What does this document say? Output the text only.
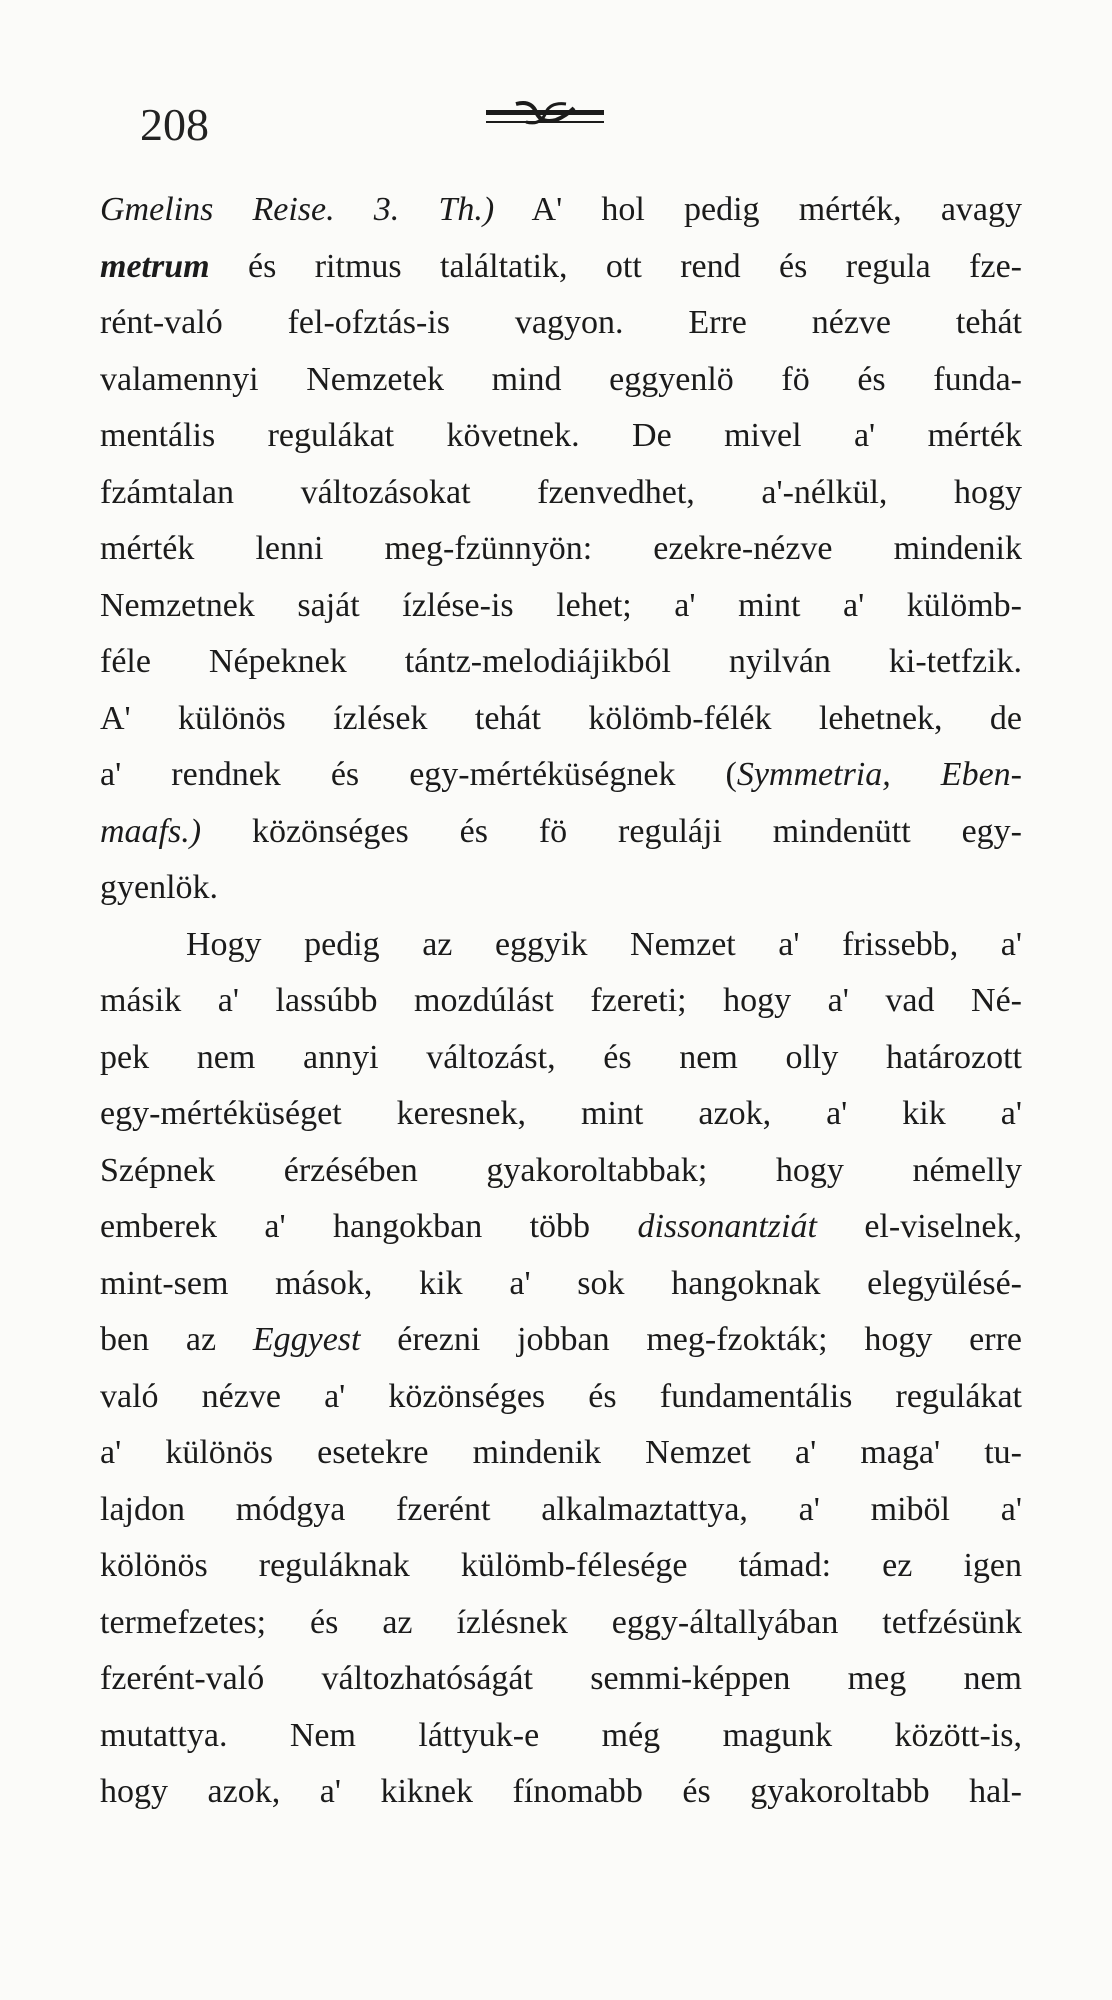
208
Gmelins Reise. 3. Th.) A' hol pedig mérték, avagy
metrum és ritmus találtatik, ott rend és regula fze-
rént-való fel-ofztás-is vagyon. Erre nézve tehát
valamennyi Nemzetek mind eggyenlö fö és funda-
mentális regulákat követnek. De mivel a' mérték
fzámtalan változásokat fzenvedhet, a'-nélkül, hogy
mérték lenni meg-fzünnyön: ezekre-nézve mindenik
Nemzetnek saját ízlése-is lehet; a' mint a' külömb-
féle Népeknek tántz-melodiájikból nyilván ki-tetfzik.
A' különös ízlések tehát kölömb-félék lehetnek, de
a' rendnek és egy-mértéküségnek (Symmetria, Eben-
maafs.) közönséges és fö reguláji mindenütt egy-
gyenlök.
Hogy pedig az eggyik Nemzet a' frissebb, a'
másik a' lassúbb mozdúlást fzereti; hogy a' vad Né-
pek nem annyi változást, és nem olly határozott
egy-mértéküséget keresnek, mint azok, a' kik a'
Szépnek érzésében gyakoroltabbak; hogy némelly
emberek a' hangokban több dissonantziát el-viselnek,
mint-sem mások, kik a' sok hangoknak elegyülésé-
ben az Eggyest érezni jobban meg-fzokták; hogy erre
való nézve a' közönséges és fundamentális regulákat
a' különös esetekre mindenik Nemzet a' maga' tu-
lajdon módgya fzerént alkalmaztattya, a' miböl a'
kölönös reguláknak külömb-félesége támad: ez igen
termefzetes; és az ízlésnek eggy-általlyában tetfzésünk
fzerént-való változhatóságát semmi-képpen meg nem
mutattya. Nem láttyuk-e még magunk között-is,
hogy azok, a' kiknek fínomabb és gyakoroltabb hal-
